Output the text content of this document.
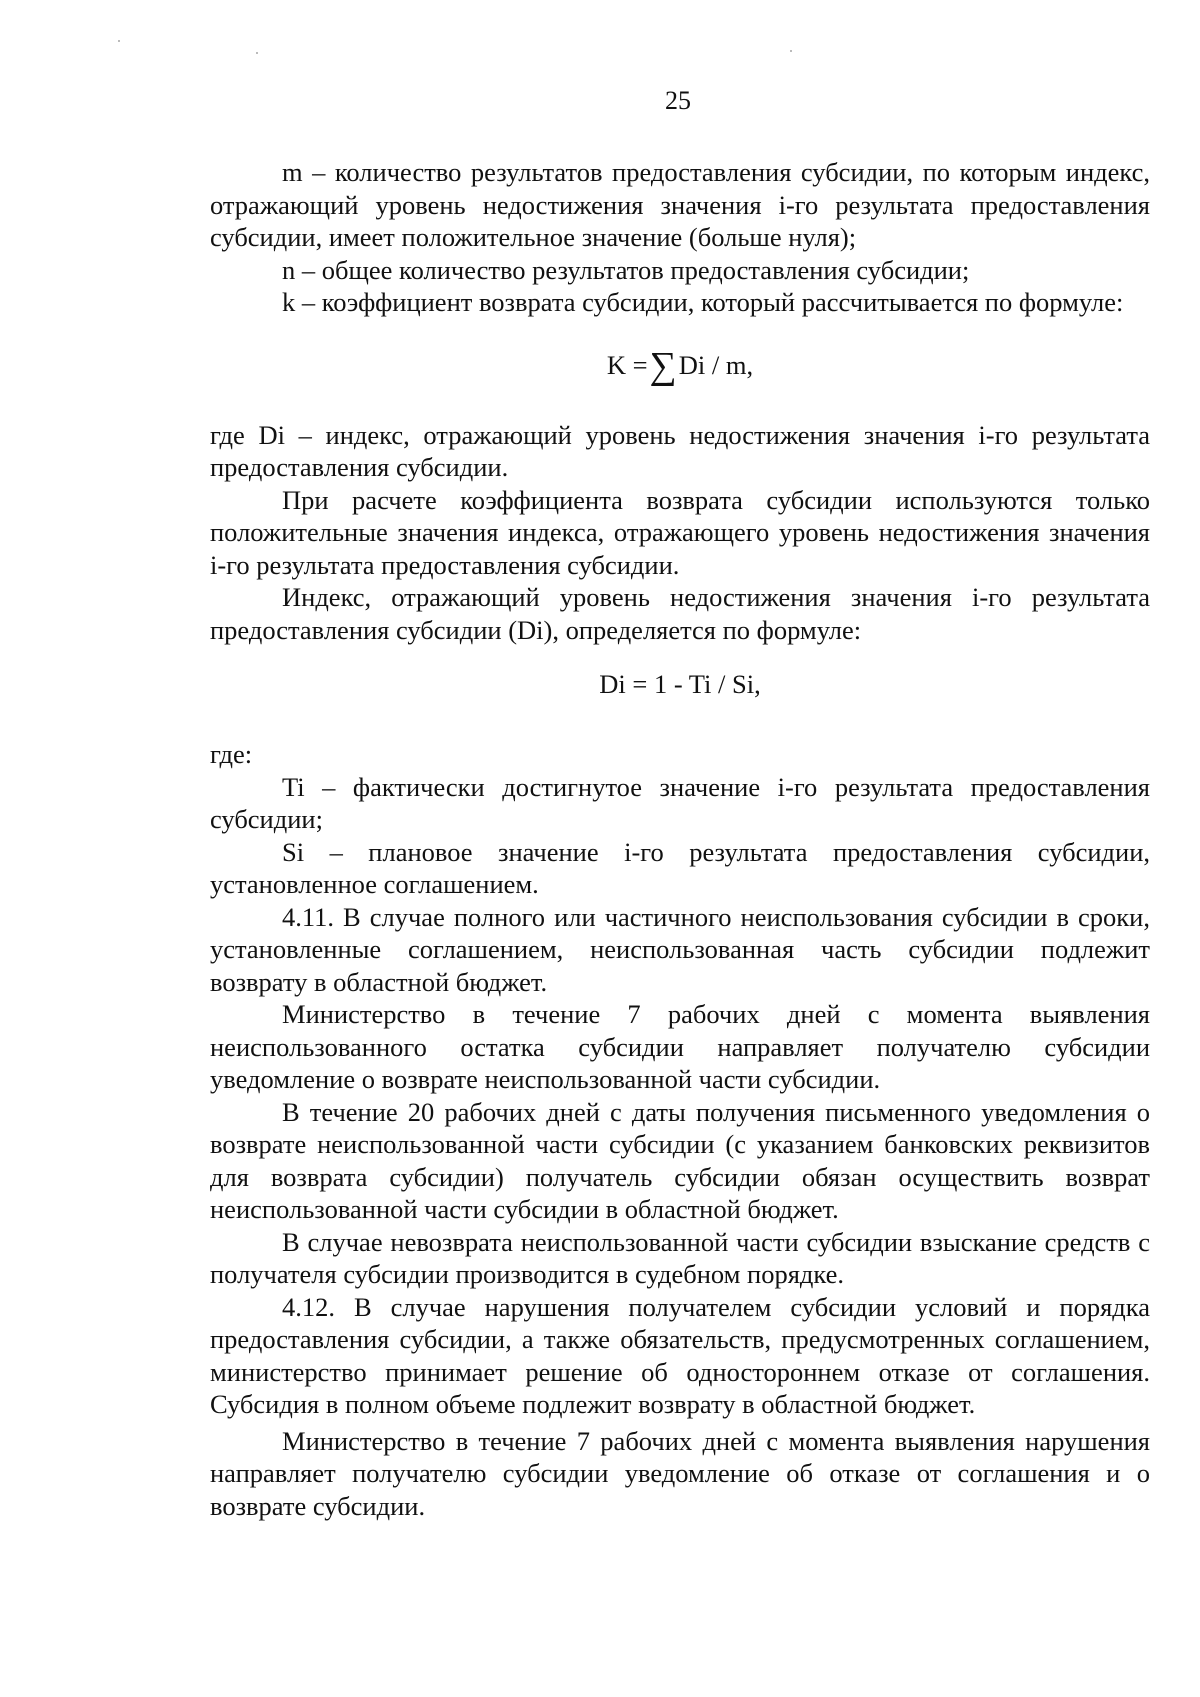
25

m – количество результатов предоставления субсидии, по которым индекс, отражающий уровень недостижения значения i-го результата предоставления субсидии, имеет положительное значение (больше нуля);

n – общее количество результатов предоставления субсидии;

k – коэффициент возврата субсидии, который рассчитывается по формуле:

K =∑Di / m,

где Di – индекс, отражающий уровень недостижения значения i-го результата предоставления субсидии.

При расчете коэффициента возврата субсидии используются только положительные значения индекса, отражающего уровень недостижения значения i-го результата предоставления субсидии.

Индекс, отражающий уровень недостижения значения i-го результата предоставления субсидии (Di), определяется по формуле:

Di = 1 - Ti / Si,

где:

Ti – фактически достигнутое значение i-го результата предоставления субсидии;

Si – плановое значение i-го результата предоставления субсидии, установленное соглашением.

4.11. В случае полного или частичного неиспользования субсидии в сроки, установленные соглашением, неиспользованная часть субсидии подлежит возврату в областной бюджет.

Министерство в течение 7 рабочих дней с момента выявления неиспользованного остатка субсидии направляет получателю субсидии уведомление о возврате неиспользованной части субсидии.

В течение 20 рабочих дней с даты получения письменного уведомления о возврате неиспользованной части субсидии (с указанием банковских реквизитов для возврата субсидии) получатель субсидии обязан осуществить возврат неиспользованной части субсидии в областной бюджет.

В случае невозврата неиспользованной части субсидии взыскание средств с получателя субсидии производится в судебном порядке.

4.12. В случае нарушения получателем субсидии условий и порядка предоставления субсидии, а также обязательств, предусмотренных соглашением, министерство принимает решение об одностороннем отказе от соглашения. Субсидия в полном объеме подлежит возврату в областной бюджет.

Министерство в течение 7 рабочих дней с момента выявления нарушения направляет получателю субсидии уведомление об отказе от соглашения и о возврате субсидии.
